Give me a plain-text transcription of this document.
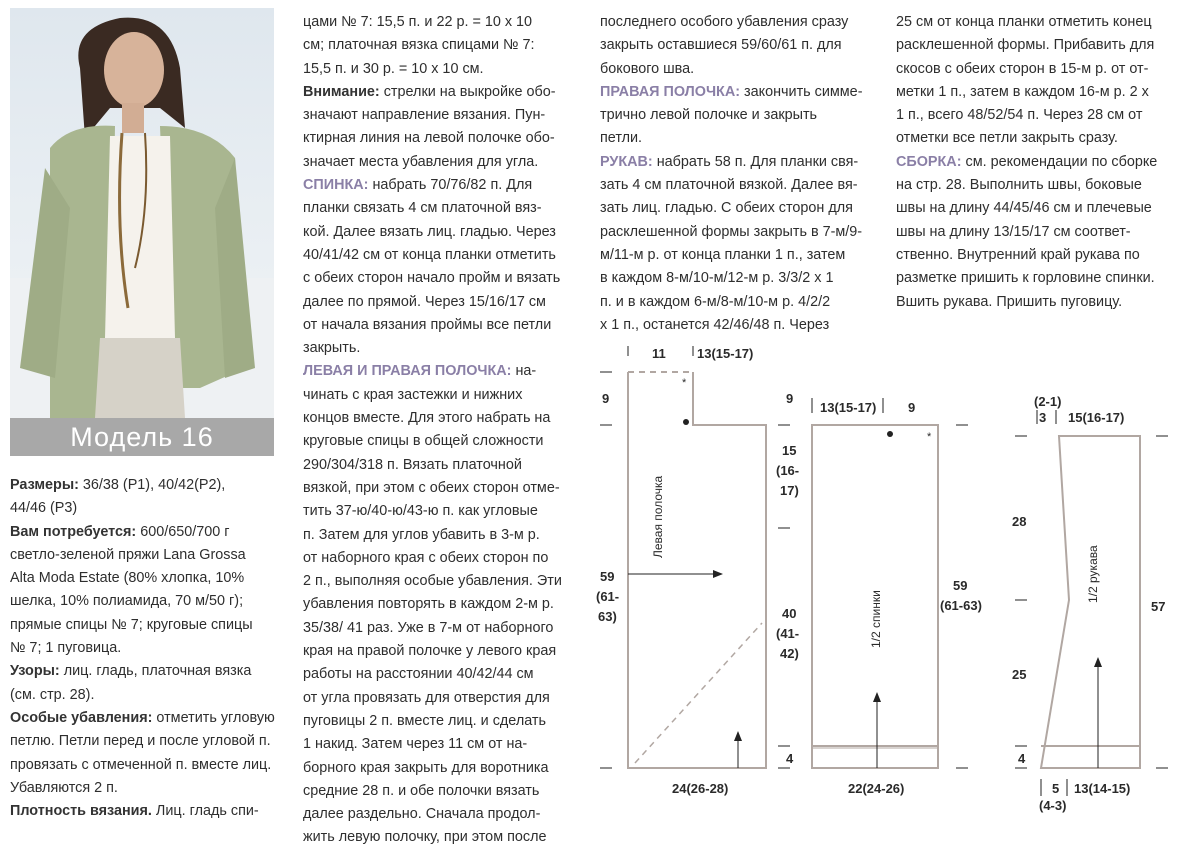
Модель 16

Размеры: 36/38 (Р1), 40/42(Р2),

44/46 (Р3)

Вам потребуется: 600/650/700 г

светло-зеленой пряжи Lana Grossa

Alta Moda Estate (80% хлопка, 10%

шелка, 10% полиамида, 70 м/50 г);

прямые спицы № 7; круговые спицы

№ 7; 1 пуговица.

Узоры: лиц. гладь, платочная вязка

(см. стр. 28).

Особые убавления: отметить угловую

петлю. Петли перед и после угловой п.

провязать с отмеченной п. вместе лиц.

Убавляются 2 п.

Плотность вязания. Лиц. гладь спи-

цами № 7: 15,5 п. и 22 р. = 10 х 10

см; платочная вязка спицами № 7:

15,5 п. и 30 р. = 10 х 10 см.

Внимание: стрелки на выкройке обо-

значают направление вязания. Пун-

ктирная линия на левой полочке обо-

значает места убавления для угла.

СПИНКА: набрать 70/76/82 п. Для

планки связать 4 см платочной вяз-

кой. Далее вязать лиц. гладью. Через

40/41/42 см от конца планки отметить

с обеих сторон начало пройм и вязать

далее по прямой. Через 15/16/17 см

от начала вязания проймы все петли

закрыть.

ЛЕВАЯ И ПРАВАЯ ПОЛОЧКА: на-

чинать с края застежки и нижних

концов вместе. Для этого набрать на

круговые спицы в общей сложности

290/304/318 п. Вязать платочной

вязкой, при этом с обеих сторон отме-

тить 37-ю/40-ю/43-ю п. как угловые

п. Затем для углов убавить в 3-м р.

от наборного края с обеих сторон по

2 п., выполняя особые убавления. Эти

убавления повторять в каждом 2-м р.

35/38/ 41 раз. Уже в 7-м от наборного

края на правой полочке у левого края

работы на расстоянии 40/42/44 см

от угла провязать для отверстия для

пуговицы 2 п. вместе лиц. и сделать

1 накид. Затем через 11 см от на-

борного края закрыть для воротника

средние 28 п. и обе полочки вязать

далее раздельно. Сначала продол-

жить левую полочку, при этом после

последнего особого убавления сразу

закрыть оставшиеся 59/60/61 п. для

бокового шва.

ПРАВАЯ ПОЛОЧКА: закончить симме-

трично левой полочке и закрыть

петли.

РУКАВ: набрать 58 п. Для планки свя-

зать 4 см платочной вязкой. Далее вя-

зать лиц. гладью. С обеих сторон для

расклешенной формы закрыть в 7-м/9-

м/11-м р. от конца планки 1 п., затем

в каждом 8-м/10-м/12-м р. 3/3/2 х 1

п. и в каждом 6-м/8-м/10-м р. 4/2/2

х 1 п., останется 42/46/48 п. Через

25 см от конца планки отметить конец

расклешенной формы. Прибавить для

скосов с обеих сторон в 15-м р. от от-

метки 1 п., затем в каждом 16-м р. 2 х

1 п., всего 48/52/54 п. Через 28 см от

отметки все петли закрыть сразу.

СБОРКА: см. рекомендации по сборке

на стр. 28. Выполнить швы, боковые

швы на длину 44/45/46 см и плечевые

швы на длину 13/15/17 см соответ-

ственно. Внутренний край рукава по

разметке пришить к горловине спинки.

Вшить рукава. Пришить пуговицу.

11 13(15-17)
9
59
(61-
63)
*
Левая полочка
15
(16-
17)
40
(41-
42)
4
24(26-28)
9
13(15-17) 9
*
1/2 спинки
59
(61-63)
22(24-26)
(2-1)
3 15(16-17)
1/2 рукава
28
25
4
57
5 13(14-15)
(4-3)
